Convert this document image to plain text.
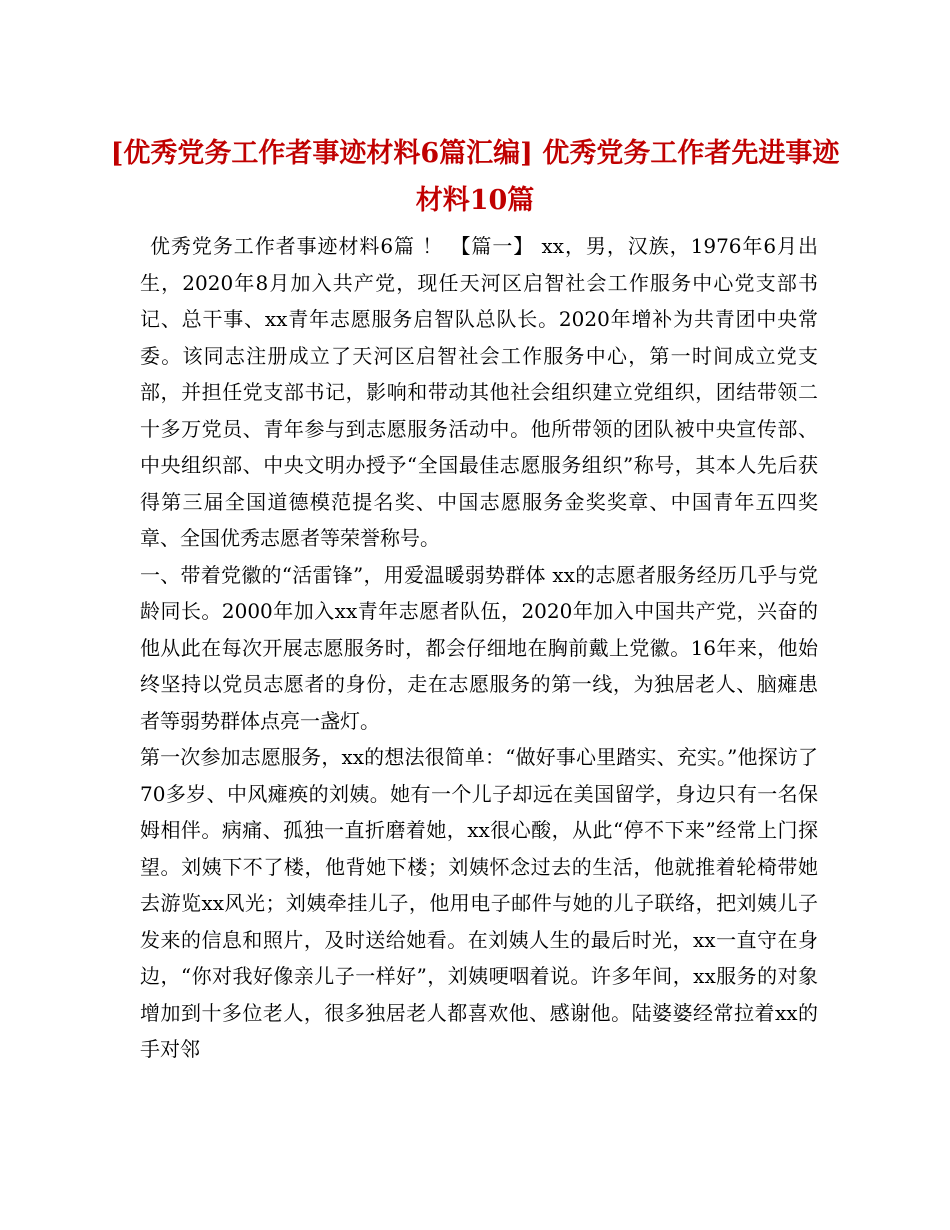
[优秀党务工作者事迹材料6篇汇编] 优秀党务工作者先进事迹材料10篇

优秀党务工作者事迹材料6篇 ！ 【篇一】 xx，男，汉族，1976年6月出生，2020年8月加入共产党，现任天河区启智社会工作服务中心党支部书记、总干事、xx青年志愿服务启智队总队长。2020年增补为共青团中央常委。该同志注册成立了天河区启智社会工作服务中心，第一时间成立党支部，并担任党支部书记，影响和带动其他社会组织建立党组织，团结带领二十多万党员、青年参与到志愿服务活动中。他所带领的团队被中央宣传部、中央组织部、中央文明办授予“全国最佳志愿服务组织”称号，其本人先后获得第三届全国道德模范提名奖、中国志愿服务金奖奖章、中国青年五四奖章、全国优秀志愿者等荣誉称号。

一、带着党徽的“活雷锋”，用爱温暖弱势群体 xx的志愿者服务经历几乎与党龄同长。2000年加入xx青年志愿者队伍，2020年加入中国共产党，兴奋的他从此在每次开展志愿服务时，都会仔细地在胸前戴上党徽。16年来，他始终坚持以党员志愿者的身份，走在志愿服务的第一线，为独居老人、脑瘫患者等弱势群体点亮一盏灯。

第一次参加志愿服务，xx的想法很简单：“做好事心里踏实、充实。”他探访了70多岁、中风瘫痪的刘姨。她有一个儿子却远在美国留学，身边只有一名保姆相伴。病痛、孤独一直折磨着她，xx很心酸，从此“停不下来”经常上门探望。刘姨下不了楼，他背她下楼；刘姨怀念过去的生活，他就推着轮椅带她去游览xx风光；刘姨牵挂儿子，他用电子邮件与她的儿子联络，把刘姨儿子发来的信息和照片，及时送给她看。在刘姨人生的最后时光，xx一直守在身边，“你对我好像亲儿子一样好”，刘姨哽咽着说。许多年间，xx服务的对象增加到十多位老人，很多独居老人都喜欢他、感谢他。陆婆婆经常拉着xx的手对邻
